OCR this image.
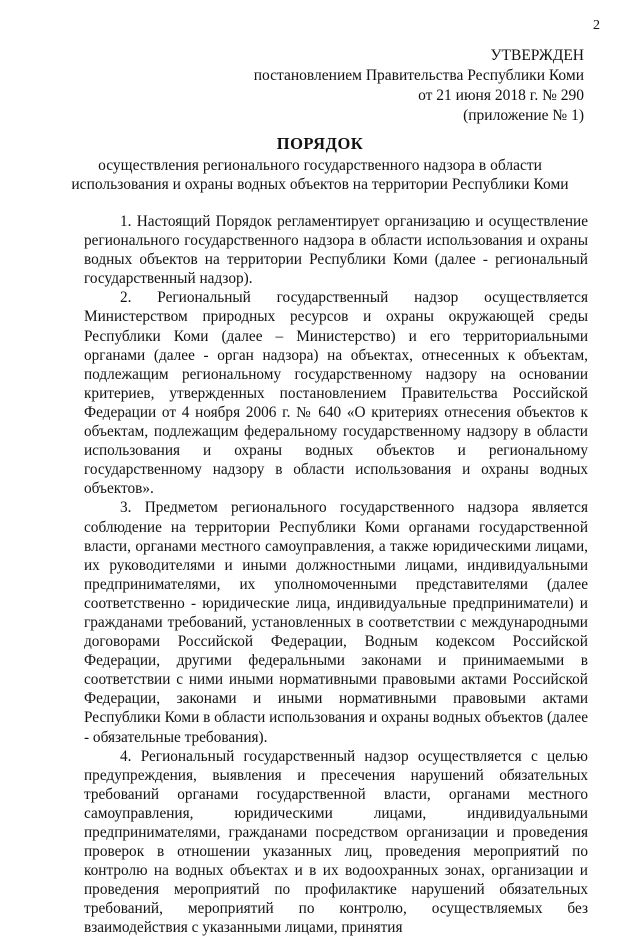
2
УТВЕРЖДЕН
постановлением Правительства Республики Коми
от 21 июня 2018 г. № 290
(приложение № 1)
ПОРЯДОК
осуществления регионального государственного надзора в области
использования и охраны водных объектов на территории Республики Коми

1. Настоящий Порядок регламентирует организацию и осуществление регионального государственного надзора в области использования и охраны водных объектов на территории Республики Коми (далее - региональный государственный надзор).

2. Региональный государственный надзор осуществляется Министерством природных ресурсов и охраны окружающей среды Республики Коми (далее – Министерство) и его территориальными органами (далее - орган надзора) на объектах, отнесенных к объектам, подлежащим региональному государственному надзору на основании критериев, утвержденных постановлением Правительства Российской Федерации от 4 ноября 2006 г. № 640 «О критериях отнесения объектов к объектам, подлежащим федеральному государственному надзору в области использования и охраны водных объектов и региональному государственному надзору в области использования и охраны водных объектов».

3. Предметом регионального государственного надзора является соблюдение на территории Республики Коми органами государственной власти, органами местного самоуправления, а также юридическими лицами, их руководителями и иными должностными лицами, индивидуальными предпринимателями, их уполномоченными представителями (далее соответственно - юридические лица, индивидуальные предприниматели) и гражданами требований, установленных в соответствии с международными договорами Российской Федерации, Водным кодексом Российской Федерации, другими федеральными законами и принимаемыми в соответствии с ними иными нормативными правовыми актами Российской Федерации, законами и иными нормативными правовыми актами Республики Коми в области использования и охраны водных объектов (далее - обязательные требования).

4. Региональный государственный надзор осуществляется с целью предупреждения, выявления и пресечения нарушений обязательных требований органами государственной власти, органами местного самоуправления, юридическими лицами, индивидуальными предпринимателями, гражданами посредством организации и проведения проверок в отношении указанных лиц, проведения мероприятий по контролю на водных объектах и в их водоохранных зонах, организации и проведения мероприятий по профилактике нарушений обязательных требований, мероприятий по контролю, осуществляемых без взаимодействия с указанными лицами, принятия
